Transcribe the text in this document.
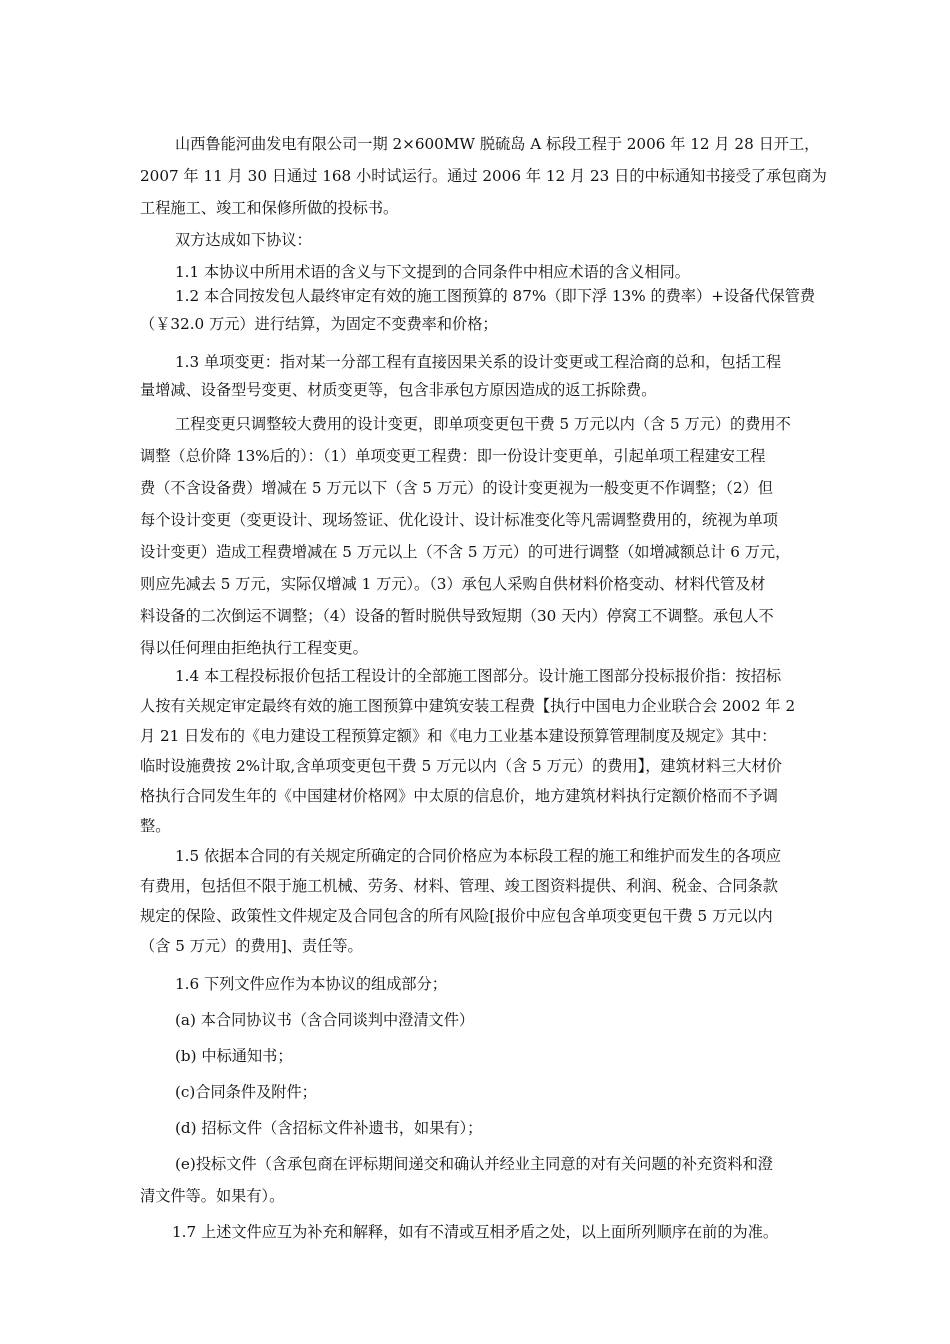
山西鲁能河曲发电有限公司一期 2×600MW 脱硫岛 A 标段工程于 2006 年 12 月 28 日开工，
2007 年 11 月 30 日通过 168 小时试运行。通过 2006 年 12 月 23 日的中标通知书接受了承包商为
工程施工、竣工和保修所做的投标书。
双方达成如下协议：
1.1 本协议中所用术语的含义与下文提到的合同条件中相应术语的含义相同。
1.2 本合同按发包人最终审定有效的施工图预算的 87%（即下浮 13% 的费率）+设备代保管费
（￥32.0 万元）进行结算，为固定不变费率和价格；
1.3 单项变更：指对某一分部工程有直接因果关系的设计变更或工程洽商的总和，包括工程
量增减、设备型号变更、材质变更等，包含非承包方原因造成的返工拆除费。
工程变更只调整较大费用的设计变更，即单项变更包干费 5 万元以内（含 5 万元）的费用不
调整（总价降 13%后的）：（1）单项变更工程费：即一份设计变更单，引起单项工程建安工程
费（不含设备费）增减在 5 万元以下（含 5 万元）的设计变更视为一般变更不作调整；（2）但
每个设计变更（变更设计、现场签证、优化设计、设计标准变化等凡需调整费用的，统视为单项
设计变更）造成工程费增减在 5 万元以上（不含 5 万元）的可进行调整（如增减额总计 6 万元，
则应先减去 5 万元，实际仅增减 1 万元）。（3）承包人采购自供材料价格变动、材料代管及材
料设备的二次倒运不调整；（4）设备的暂时脱供导致短期（30 天内）停窝工不调整。承包人不
得以任何理由拒绝执行工程变更。
1.4 本工程投标报价包括工程设计的全部施工图部分。设计施工图部分投标报价指：按招标
人按有关规定审定最终有效的施工图预算中建筑安装工程费【执行中国电力企业联合会 2002 年 2
月 21 日发布的《电力建设工程预算定额》和《电力工业基本建设预算管理制度及规定》其中：
临时设施费按 2%计取,含单项变更包干费 5 万元以内（含 5 万元）的费用】，建筑材料三大材价
格执行合同发生年的《中国建材价格网》中太原的信息价，地方建筑材料执行定额价格而不予调
整。
1.5 依据本合同的有关规定所确定的合同价格应为本标段工程的施工和维护而发生的各项应
有费用，包括但不限于施工机械、劳务、材料、管理、竣工图资料提供、利润、税金、合同条款
规定的保险、政策性文件规定及合同包含的所有风险[报价中应包含单项变更包干费 5 万元以内
（含 5 万元）的费用]、责任等。
1.6 下列文件应作为本协议的组成部分；
(a) 本合同协议书（含合同谈判中澄清文件）
(b) 中标通知书；
(c)合同条件及附件；
(d) 招标文件（含招标文件补遗书，如果有）；
(e)投标文件（含承包商在评标期间递交和确认并经业主同意的对有关问题的补充资料和澄
清文件等。如果有）。
1.7 上述文件应互为补充和解释，如有不清或互相矛盾之处，以上面所列顺序在前的为准。
